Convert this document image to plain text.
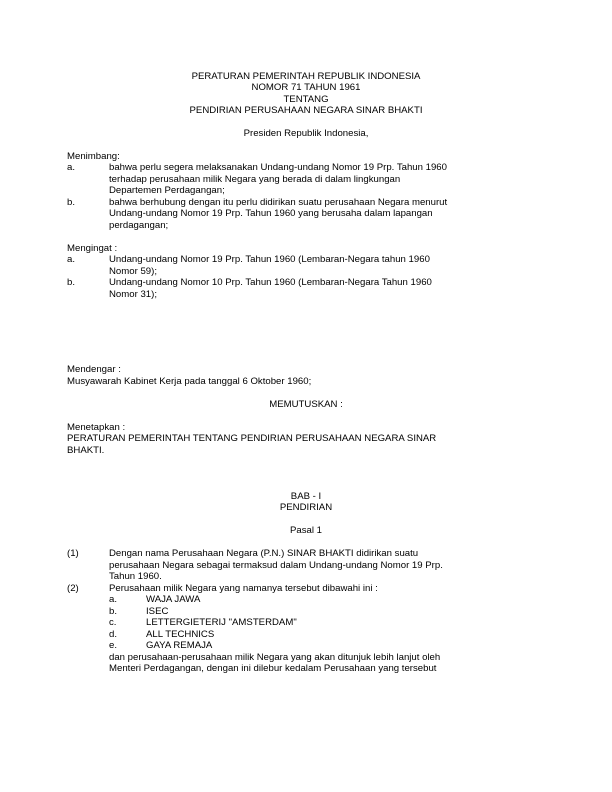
PERATURAN PEMERINTAH REPUBLIK INDONESIA
NOMOR 71 TAHUN 1961
TENTANG
PENDIRIAN PERUSAHAAN NEGARA SINAR BHAKTI
Presiden Republik Indonesia,
Menimbang:
a.	bahwa perlu segera melaksanakan Undang-undang Nomor 19 Prp. Tahun 1960
terhadap perusahaan milik Negara yang berada di dalam lingkungan
Departemen Perdagangan;
b.	bahwa berhubung dengan itu perlu didirikan suatu perusahaan Negara menurut
Undang-undang Nomor 19 Prp. Tahun 1960 yang berusaha dalam lapangan
perdagangan;
Mengingat :
a.	Undang-undang Nomor 19 Prp. Tahun 1960 (Lembaran-Negara tahun 1960
Nomor 59);
b.	Undang-undang Nomor 10 Prp. Tahun 1960 (Lembaran-Negara Tahun 1960
Nomor 31);
Mendengar :
Musyawarah Kabinet Kerja pada tanggal 6 Oktober 1960;
MEMUTUSKAN :
Menetapkan :
PERATURAN PEMERINTAH TENTANG PENDIRIAN PERUSAHAAN NEGARA SINAR
BHAKTI.
BAB - I
PENDIRIAN
Pasal 1
(1)	Dengan nama Perusahaan Negara (P.N.) SINAR BHAKTI didirikan suatu
perusahaan Negara sebagai termaksud dalam Undang-undang Nomor 19 Prp.
Tahun 1960.
(2)	Perusahaan milik Negara yang namanya tersebut dibawahi ini :
a.	WAJA JAWA
b.	ISEC
c.	LETTERGIETERIJ "AMSTERDAM"
d.	ALL TECHNICS
e.	GAYA REMAJA
dan perusahaan-perusahaan milik Negara yang akan ditunjuk lebih lanjut oleh
Menteri Perdagangan, dengan ini dilebur kedalam Perusahaan yang tersebut
